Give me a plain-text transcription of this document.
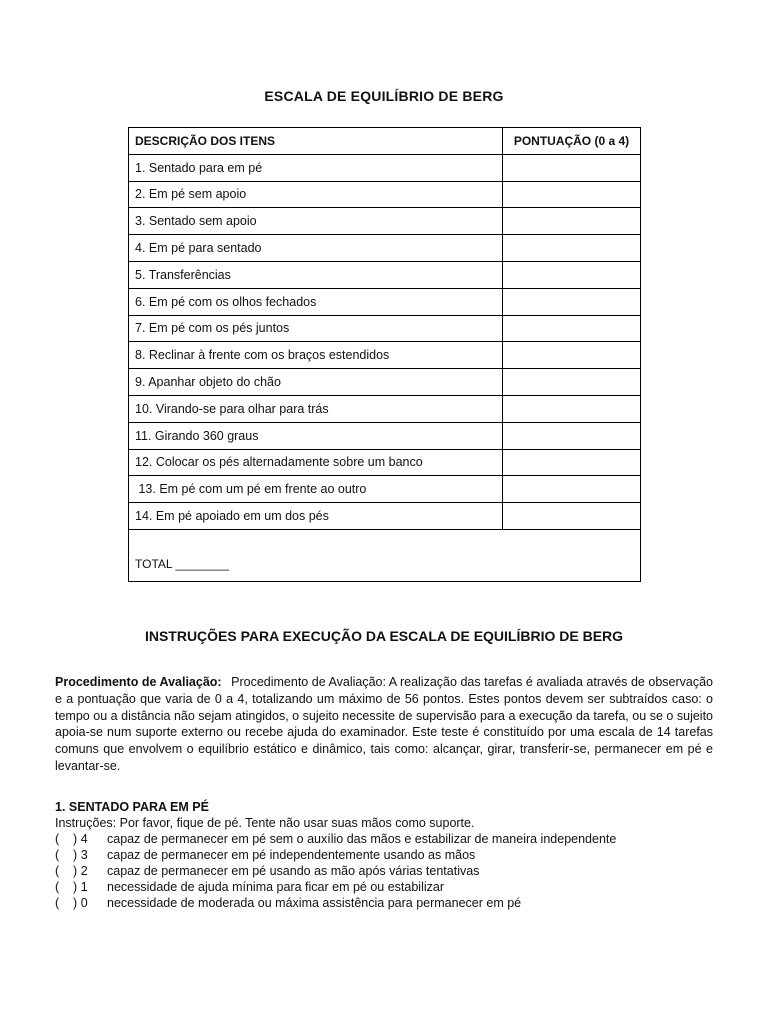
ESCALA DE EQUILÍBRIO DE BERG
DESCRIÇÃO DOS ITENS	PONTUAÇÃO (0 a 4)
1. Sentado para em pé	
2. Em pé sem apoio	
3. Sentado sem apoio	
4. Em pé para sentado	
5. Transferências	
6. Em pé com os olhos fechados	
7. Em pé com os pés juntos	
8. Reclinar à frente com os braços estendidos	
9. Apanhar objeto do chão	
10. Virando-se para olhar para trás	
11. Girando 360 graus	
12. Colocar os pés alternadamente sobre um banco	
13. Em pé com um pé em frente ao outro	
14. Em pé apoiado em um dos pés	
TOTAL ________	
INSTRUÇÕES PARA EXECUÇÃO DA ESCALA DE EQUILÍBRIO DE BERG
Procedimento de Avaliação: Procedimento de Avaliação: A realização das tarefas é avaliada através de observação e a pontuação que varia de 0 a 4, totalizando um máximo de 56 pontos. Estes pontos devem ser subtraídos caso: o tempo ou a distância não sejam atingidos, o sujeito necessite de supervisão para a execução da tarefa, ou se o sujeito apoia-se num suporte externo ou recebe ajuda do examinador. Este teste é constituído por uma escala de 14 tarefas comuns que envolvem o equilíbrio estático e dinâmico, tais como: alcançar, girar, transferir-se, permanecer em pé e levantar-se.
1. SENTADO PARA EM PÉ
Instruções: Por favor, fique de pé. Tente não usar suas mãos como suporte.
(    ) 4	capaz de permanecer em pé sem o auxílio das mãos e estabilizar de maneira independente
(    ) 3	capaz de permanecer em pé independentemente usando as mãos
(    ) 2	capaz de permanecer em pé usando as mão após várias tentativas
(    ) 1	necessidade de ajuda mínima para ficar em pé ou estabilizar
(    ) 0	necessidade de moderada ou máxima assistência para permanecer em pé
